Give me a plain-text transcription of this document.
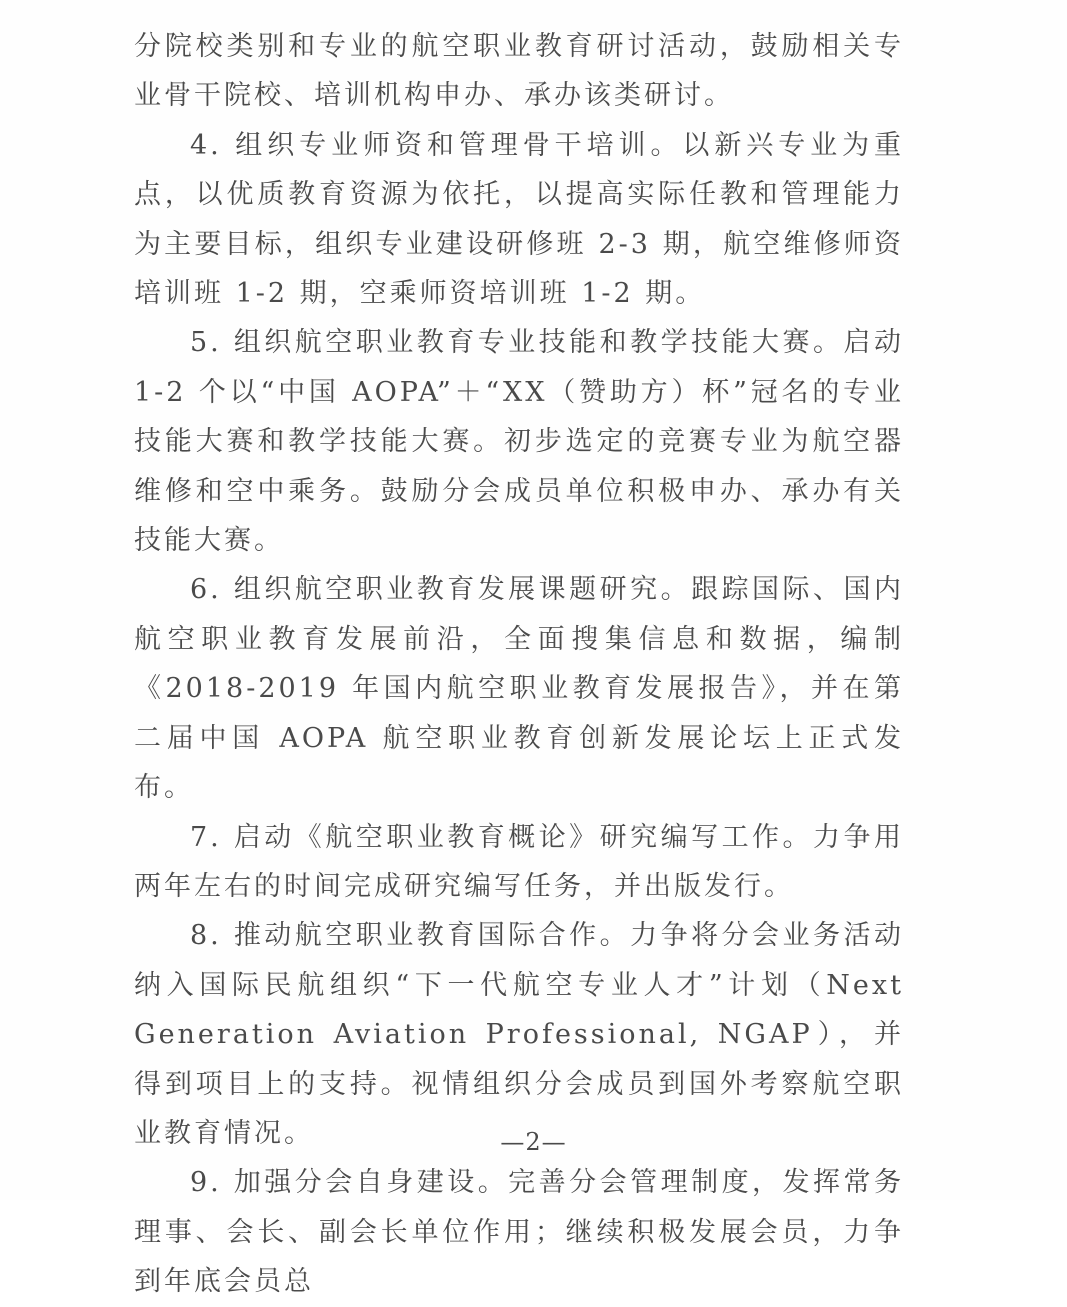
分院校类别和专业的航空职业教育研讨活动，鼓励相关专业骨干院校、培训机构申办、承办该类研讨。

4. 组织专业师资和管理骨干培训。以新兴专业为重点，以优质教育资源为依托，以提高实际任教和管理能力为主要目标，组织专业建设研修班 2-3 期，航空维修师资培训班 1-2 期，空乘师资培训班 1-2 期。

5. 组织航空职业教育专业技能和教学技能大赛。启动 1-2 个以“中国 AOPA”＋“XX（赞助方）杯”冠名的专业技能大赛和教学技能大赛。初步选定的竞赛专业为航空器维修和空中乘务。鼓励分会成员单位积极申办、承办有关技能大赛。

6. 组织航空职业教育发展课题研究。跟踪国际、国内航空职业教育发展前沿，全面搜集信息和数据，编制《2018-2019 年国内航空职业教育发展报告》，并在第二届中国 AOPA 航空职业教育创新发展论坛上正式发布。

7. 启动《航空职业教育概论》研究编写工作。力争用两年左右的时间完成研究编写任务，并出版发行。

8. 推动航空职业教育国际合作。力争将分会业务活动纳入国际民航组织“下一代航空专业人才”计划（Next Generation Aviation Professional, NGAP），并得到项目上的支持。视情组织分会成员到国外考察航空职业教育情况。

9. 加强分会自身建设。完善分会管理制度，发挥常务理事、会长、副会长单位作用；继续积极发展会员，力争到年底会员总

—2—
